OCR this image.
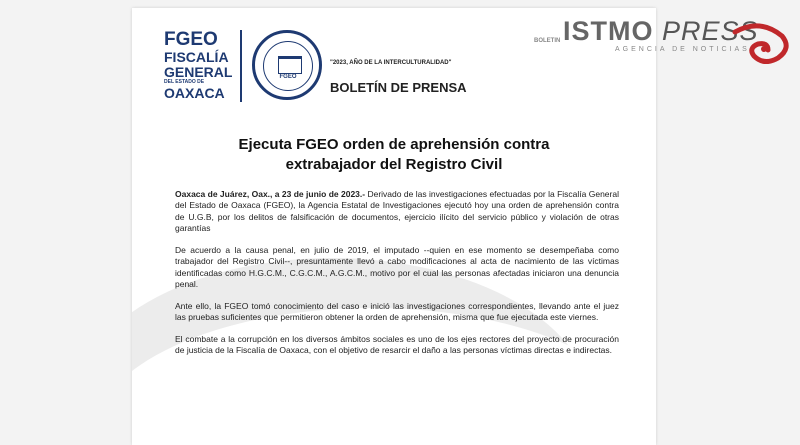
FGEO
FISCALÍA
GENERAL
DEL ESTADO DE
OAXACA
FGEO
"2023, AÑO DE LA INTERCULTURALIDAD"
BOLETÍN DE PRENSA
Ejecuta FGEO orden de aprehensión contra
extrabajador del Registro Civil

Oaxaca de Juárez, Oax., a 23 de junio de 2023.- Derivado de las investigaciones efectuadas por la Fiscalía General del Estado de Oaxaca (FGEO), la Agencia Estatal de Investigaciones ejecutó hoy una orden de aprehensión contra de U.G.B, por los delitos de falsificación de documentos, ejercicio ilícito del servicio público y violación de otras garantías

De acuerdo a la causa penal, en julio de 2019, el imputado --quien en ese momento se desempeñaba como trabajador del Registro Civil--, presuntamente llevó a cabo modificaciones al acta de nacimiento de las víctimas identificadas como H.G.C.M., C.G.C.M., A.G.C.M., motivo por el cual las personas afectadas iniciaron una denuncia penal.

Ante ello, la FGEO tomó conocimiento del caso e inició las investigaciones correspondientes, llevando ante el juez las pruebas suficientes que permitieron obtener la orden de aprehensión, misma que fue ejecutada este viernes.

El combate a la corrupción en los diversos ámbitos sociales es uno de los ejes rectores del proyecto de procuración de justicia de la Fiscalía de Oaxaca, con el objetivo de resarcir el daño a las personas víctimas directas e indirectas.

BOLETIN ISTMO PRESS
AGENCIA DE NOTICIAS
